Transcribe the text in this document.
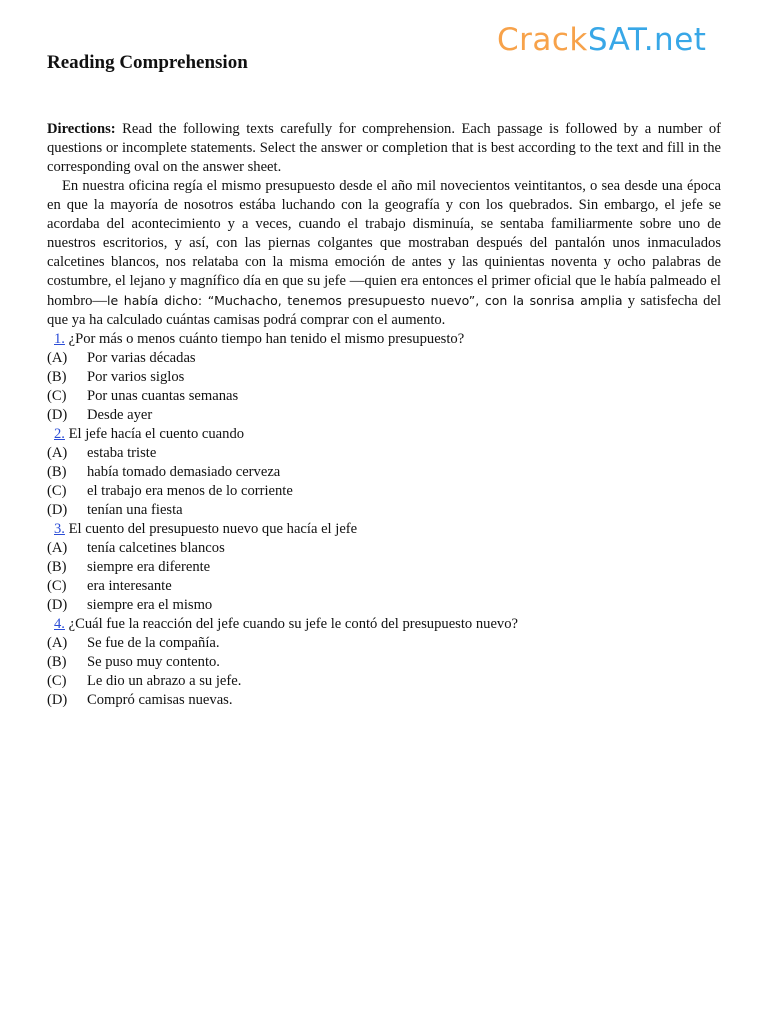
CrackSAT.net
Reading Comprehension

Directions: Read the following texts carefully for comprehension. Each passage is followed by a number of questions or incomplete statements. Select the answer or completion that is best according to the text and fill in the corresponding oval on the answer sheet.

En nuestra oficina regía el mismo presupuesto desde el año mil novecientos veintitantos, o sea desde una época en que la mayoría de nosotros estába luchando con la geografía y con los quebrados. Sin embargo, el jefe se acordaba del acontecimiento y a veces, cuando el trabajo disminuía, se sentaba familiarmente sobre uno de nuestros escritorios, y así, con las piernas colgantes que mostraban después del pantalón unos inmaculados calcetines blancos, nos relataba con la misma emoción de antes y las quinientas noventa y ocho palabras de costumbre, el lejano y magnífico día en que su jefe —quien era entonces el primer oficial que le había palmeado el hombro—le había dicho: “Muchacho, tenemos presupuesto nuevo”, con la sonrisa amplia y satisfecha del que ya ha calculado cuántas camisas podrá comprar con el aumento.

1. ¿Por más o menos cuánto tiempo han tenido el mismo presupuesto?

(A)	Por varias décadas

(B)	Por varios siglos

(C)	Por unas cuantas semanas

(D)	Desde ayer

2. El jefe hacía el cuento cuando

(A)	estaba triste

(B)	había tomado demasiado cerveza

(C)	el trabajo era menos de lo corriente

(D)	tenían una fiesta

3. El cuento del presupuesto nuevo que hacía el jefe

(A)	tenía calcetines blancos

(B)	siempre era diferente

(C)	era interesante

(D)	siempre era el mismo

4. ¿Cuál fue la reacción del jefe cuando su jefe le contó del presupuesto nuevo?

(A)	Se fue de la compañía.

(B)	Se puso muy contento.

(C)	Le dio un abrazo a su jefe.

(D)	Compró camisas nuevas.
